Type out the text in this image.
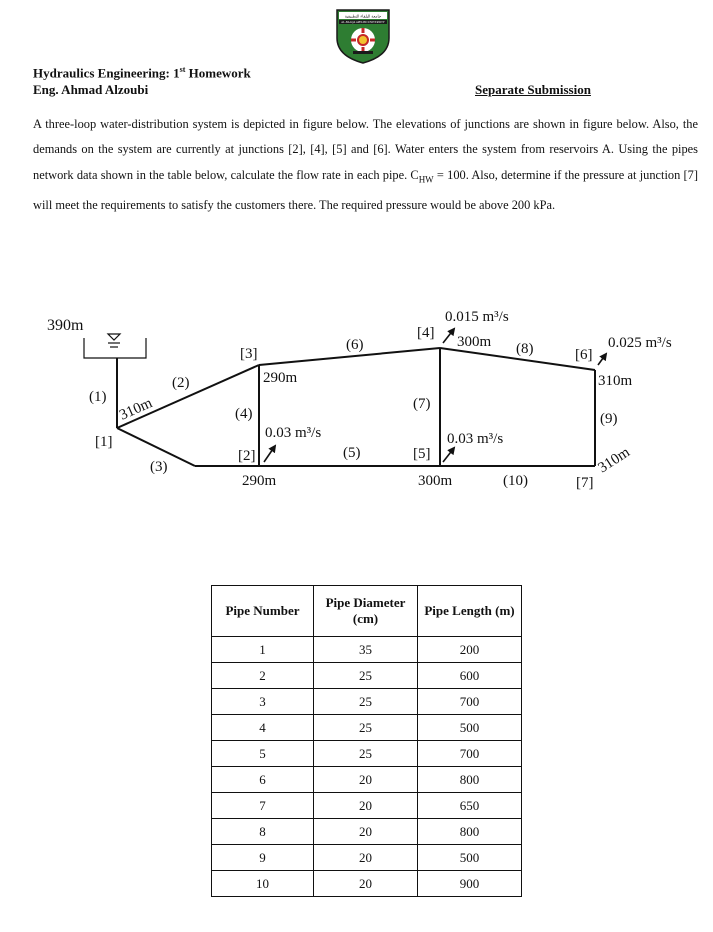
جامعة البلقاء التطبيقية
AL-BALQA APPLIED UNIVERSITY
Hydraulics Engineering: 1st Homework
Eng. Ahmad Alzoubi	Separate Submission
A three-loop water-distribution system is depicted in figure below. The elevations of junctions are shown in figure below. Also, the demands on the system are currently at junctions [2], [4], [5] and [6]. Water enters the system from reservoirs A. Using the pipes network data shown in the table below, calculate the flow rate in each pipe. $C_{HW} = 100$. Also, determine if the pressure at junction [7] will meet the requirements to satisfy the customers there. The required pressure would be above 200 kPa.
390m
[1]
[2]
[3]
[4]
[5]
[6]
[7]
(1)
(2)
(3)
(4)
(5)
(6)
(7)
(8)
(9)
(10)
310m
290m
290m
300m
300m
310m
310m
0.03 m³/s
0.015 m³/s
0.03 m³/s
0.025 m³/s
Pipe Number	Pipe Diameter (cm)	Pipe Length (m)
1	35	200
2	25	600
3	25	700
4	25	500
5	25	700
6	20	800
7	20	650
8	20	800
9	20	500
10	20	900
